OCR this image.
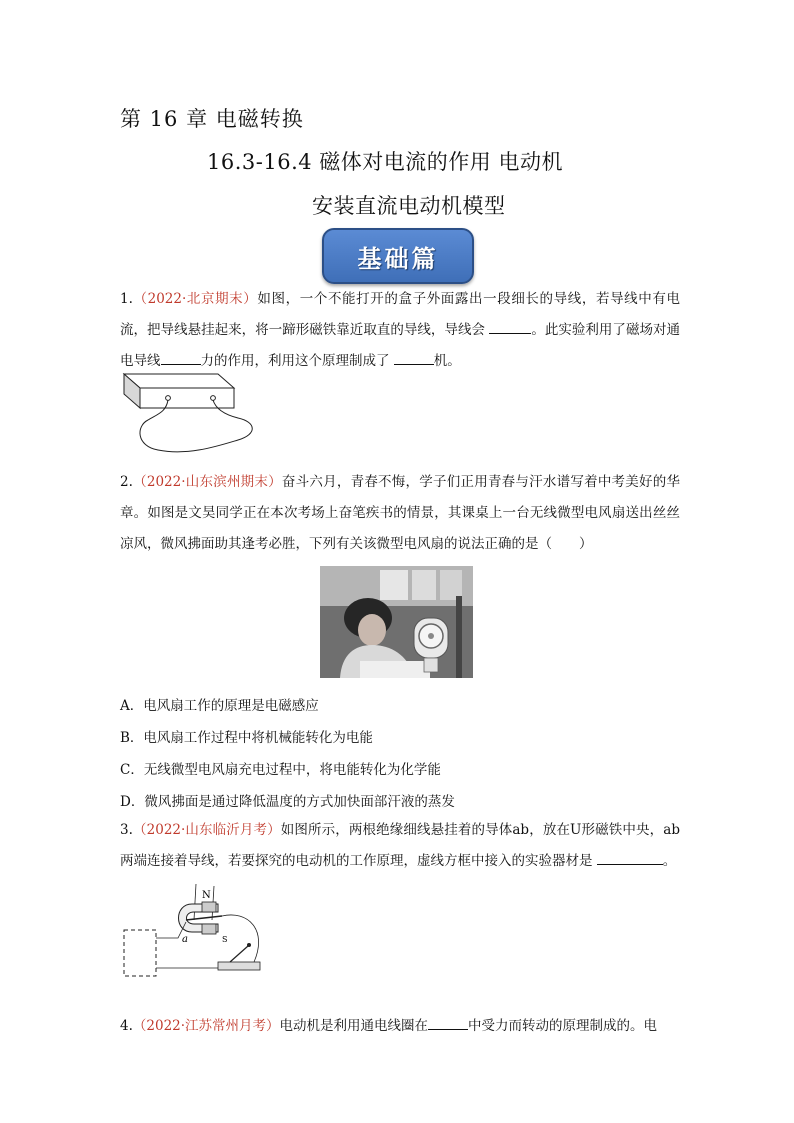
第 16 章 电磁转换
16.3-16.4 磁体对电流的作用 电动机
安装直流电动机模型
基础篇
1.（2022·北京期末）如图，一个不能打开的盒子外面露出一段细长的导线，若导线中有电流，把导线悬挂起来，将一蹄形磁铁靠近取直的导线，导线会	。此实验利用了磁场对通电导线	力的作用，利用这个原理制成了	机。
2.（2022·山东滨州期末）奋斗六月，青春不悔，学子们正用青春与汗水谱写着中考美好的华章。如图是文昊同学正在本次考场上奋笔疾书的情景，其课桌上一台无线微型电风扇送出丝丝凉风，微风拂面助其逢考必胜，下列有关该微型电风扇的说法正确的是（　　）
A．电风扇工作的原理是电磁感应
B．电风扇工作过程中将机械能转化为电能
C．无线微型电风扇充电过程中，将电能转化为化学能
D．微风拂面是通过降低温度的方式加快面部汗液的蒸发
3.（2022·山东临沂月考）如图所示，两根绝缘细线悬挂着的导体ab，放在U形磁铁中央，ab两端连接着导线，若要探究的电动机的工作原理，虚线方框中接入的实验器材是	。
N
S
a
4.（2022·江苏常州月考）电动机是利用通电线圈在	中受力而转动的原理制成的。电
